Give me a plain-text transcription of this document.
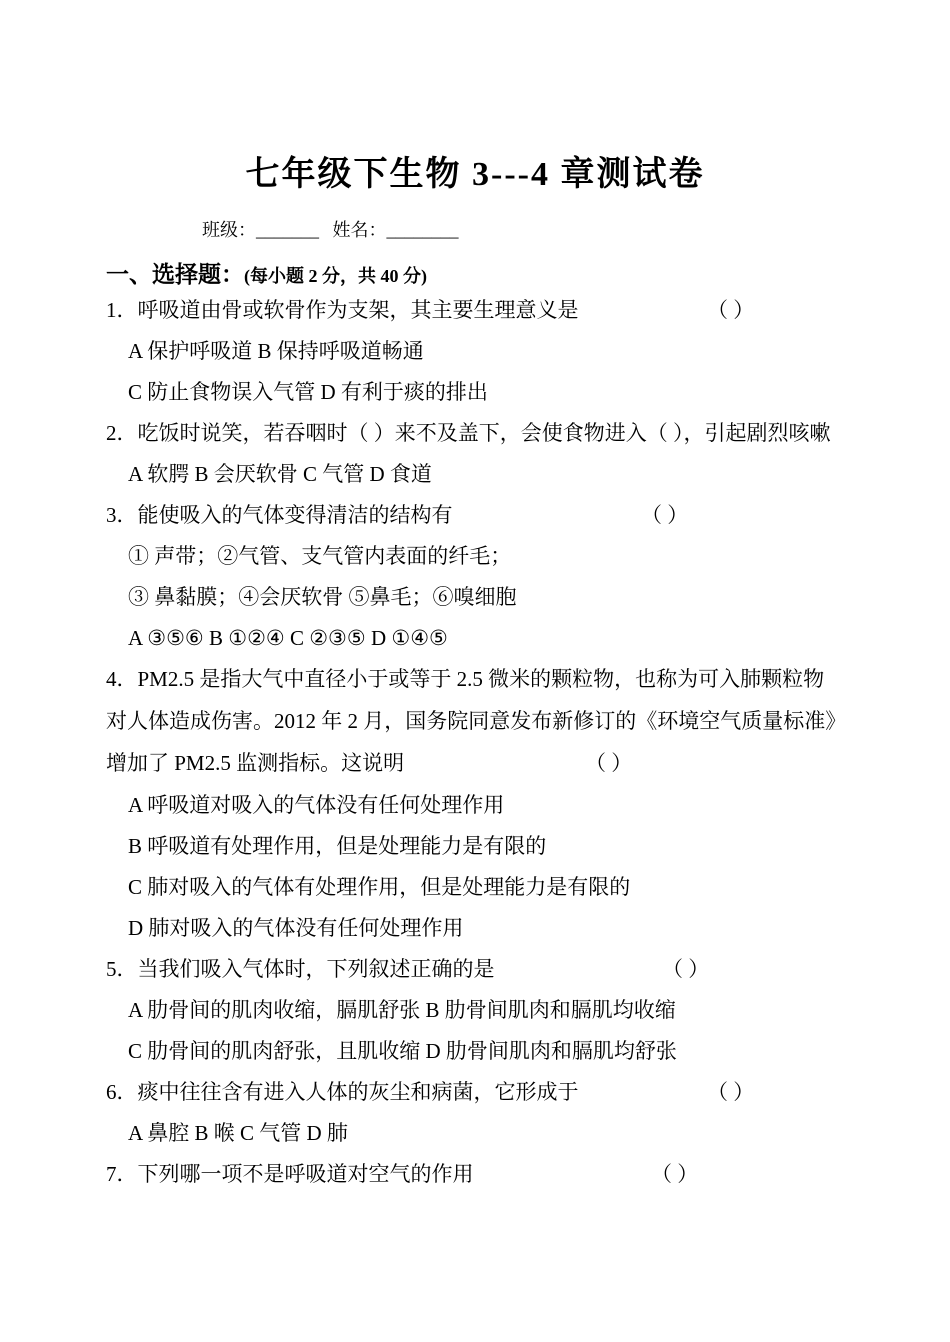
七年级下生物 3---4 章测试卷
班级：_______ 姓名：________
一、选择题：(每小题 2 分，共 40 分)
1．呼吸道由骨或软骨作为支架，其主要生理意义是	（ ）
A 保护呼吸道 B 保持呼吸道畅通
C 防止食物误入气管 D 有利于痰的排出
2．吃饭时说笑，若吞咽时（ ）来不及盖下，会使食物进入（ ），引起剧烈咳嗽
A 软腭 B 会厌软骨 C 气管 D 食道
3．能使吸入的气体变得清洁的结构有	（ ）
① 声带；②气管、支气管内表面的纤毛；
③ 鼻黏膜；④会厌软骨 ⑤鼻毛；⑥嗅细胞
A ③⑤⑥ B ①②④ C ②③⑤ D ①④⑤
4．PM2.5 是指大气中直径小于或等于 2.5 微米的颗粒物，也称为可入肺颗粒物
对人体造成伤害。2012 年 2 月，国务院同意发布新修订的《环境空气质量标准》
增加了 PM2.5 监测指标。这说明	（ ）
A 呼吸道对吸入的气体没有任何处理作用
B 呼吸道有处理作用，但是处理能力是有限的
C 肺对吸入的气体有处理作用，但是处理能力是有限的
D 肺对吸入的气体没有任何处理作用
5．当我们吸入气体时，下列叙述正确的是	（ ）
A 肋骨间的肌肉收缩，膈肌舒张 B 肋骨间肌肉和膈肌均收缩
C 肋骨间的肌肉舒张，且肌收缩 D 肋骨间肌肉和膈肌均舒张
6．痰中往往含有进入人体的灰尘和病菌，它形成于	（ ）
A 鼻腔 B 喉 C 气管 D 肺
7．下列哪一项不是呼吸道对空气的作用	（ ）
